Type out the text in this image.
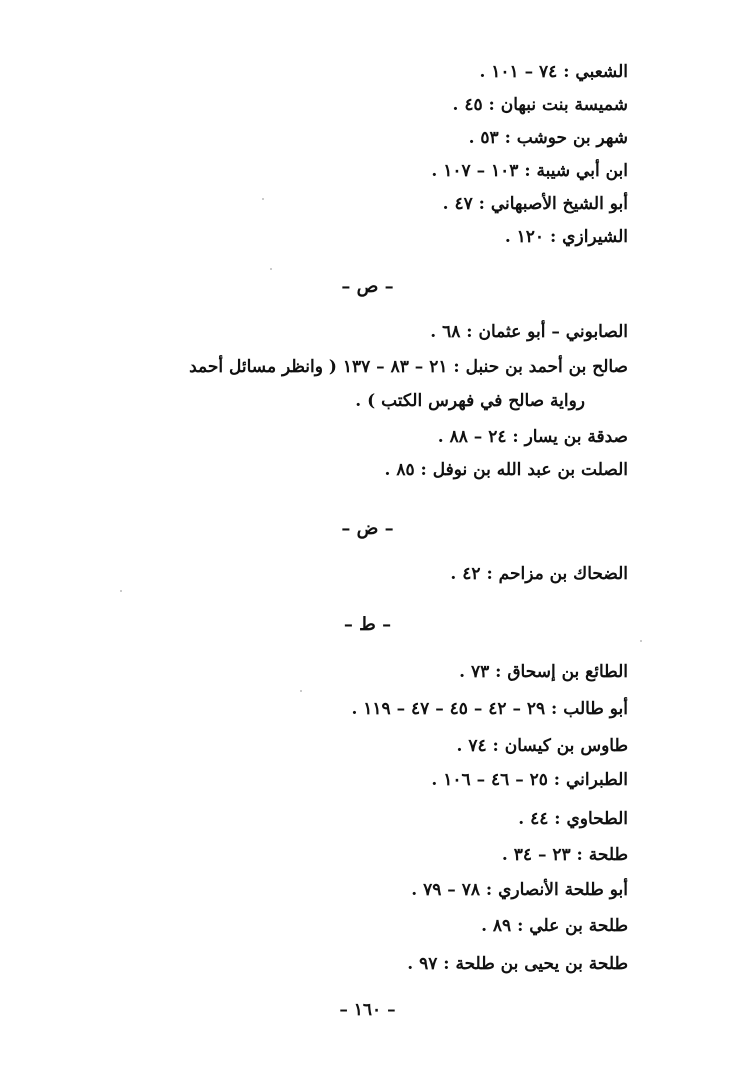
الشعبي : ٧٤ – ١٠١ .
شميسة بنت نبهان : ٤٥ .
شهر بن حوشب : ٥٣ .
ابن أبي شيبة : ١٠٣ – ١٠٧ .
أبو الشيخ الأصبهاني : ٤٧ .
الشيرازي : ١٢٠ .
– ص –
الصابوني – أبو عثمان : ٦٨ .
صالح بن أحمد بن حنبل : ٢١ – ٨٣ – ١٣٧ ( وانظر مسائل أحمد
رواية صالح في فهرس الكتب ) .
صدقة بن يسار : ٢٤ – ٨٨ .
الصلت بن عبد الله بن نوفل : ٨٥ .
– ض –
الضحاك بن مزاحم : ٤٢ .
– ط –
الطائع بن إسحاق : ٧٣ .
أبو طالب : ٢٩ – ٤٢ – ٤٥ – ٤٧ – ١١٩ .
طاوس بن كيسان : ٧٤ .
الطبراني : ٢٥ – ٤٦ – ١٠٦ .
الطحاوي : ٤٤ .
طلحة : ٢٣ – ٣٤ .
أبو طلحة الأنصاري : ٧٨ – ٧٩ .
طلحة بن علي : ٨٩ .
طلحة بن يحيى بن طلحة : ٩٧ .
– ١٦٠ –
